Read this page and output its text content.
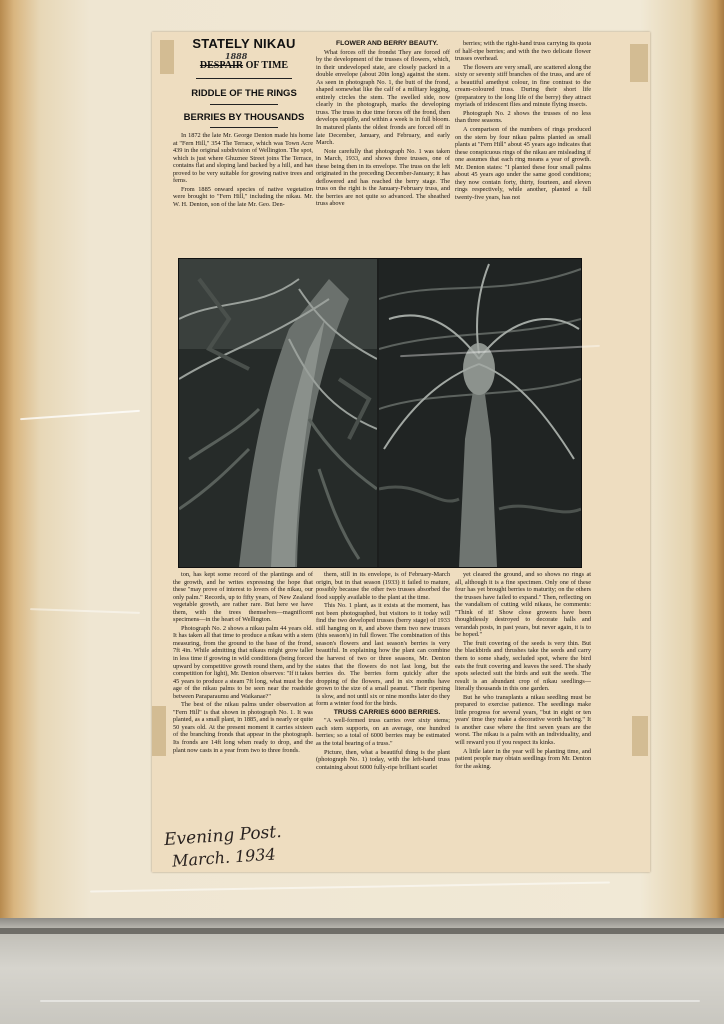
STATELY NIKAU
1888
DESPAIR OF TIME
RIDDLE OF THE RINGS
BERRIES BY THOUSANDS

In 1872 the late Mr. George Denton made his home at "Fern Hill," 354 The Terrace, which was Town Acre 439 in the original subdivision of Wellington. The spot, which is just where Ghuznee Street joins The Terrace, contains flat and sloping land backed by a hill, and has proved to be very suitable for growing native trees and ferns.

From 1885 onward species of native vegetation were brought to "Fern Hill," including the nikau. Mr. W. H. Denton, son of the late Mr. Geo. Den-

FLOWER AND BERRY BEAUTY.

What forces off the frondst They are forced off by the development of the trusses of flowers, which, in their undeveloped state, are closely packed in a double envelope (about 20in long) against the stem. As seen in photograph No. 1, the butt of the frond, shaped somewhat like the calf of a military legging, entirely circles the stem. The swelled side, now clearly in the photograph, marks the developing truss. The truss in due time forces off the frond, then develops rapidly, and within a week is in full bloom. In matured plants the oldest fronds are forced off in late December, January, and February, and early March.

Note carefully that photograph No. 1 was taken in March, 1933, and shows three trusses, one of these being then in its envelope. The truss on the left originated in the preceding December-January; it has deflowered and has reached the berry stage. The truss on the right is the January-February truss, and the berries are not quite so advanced. The sheathed truss above

berries; with the right-hand truss carrying its quota of half-ripe berries; and with the two delicate flower trusses overhead.

The flowers are very small, are scattered along the sixty or seventy stiff branches of the truss, and are of a beautiful amethyst colour, in fine contrast to the cream-coloured truss. During their short life (preparatory to the long life of the berry) they attract myriads of iridescent flies and minute flying insects.

Photograph No. 2 shows the trusses of no less than three seasons.

A comparison of the numbers of rings produced on the stem by four nikau palms planted as small plants at "Fern Hill" about 45 years ago indicates that these conspicuous rings of the nikau are misleading if one assumes that each ring means a year of growth. Mr. Denton states: "I planted these four small palms about 45 years ago under the same good conditions; they now contain forty, thirty, fourteen, and eleven rings respectively, while another, planted a full twenty-five years, has not

ton, has kept some record of the plantings and of the growth, and he writes expressing the hope that these "may prove of interest to lovers of the nikau, our only palm." Records, up to fifty years, of New Zealand vegetable growth, are rather rare. But here we have them, with the trees themselves—magnificent specimens—in the heart of Wellington.

Photograph No. 2 shows a nikau palm 44 years old. It has taken all that time to produce a nikau with a stem measuring, from the ground to the base of the frond, 7ft 4in. While admitting that nikaus might grow taller in less time if growing in wild conditions (being forced upward by competitive growth round them, and by the competition for light), Mr. Denton observes: "If it takes 45 years to produce a steam 7ft long, what must be the age of the nikau palms to be seen near the roadside between Paraparaumu and Waikanae?"

The best of the nikau palms under observation at "Fern Hill" is that shown in photograph No. 1. It was planted, as a small plant, in 1885, and is nearly or quite 50 years old. At the present moment it carries sixteen of the branching fronds that appear in the photograph. Its fronds are 14ft long when ready to drop, and the plant now casts in a year from two to three fronds.

them, still in its envelope, is of February-March origin, but in that season (1933) it failed to mature, possibly because the other two trusses absorbed the food supply available to the plant at the time.

This No. 1 plant, as it exists at the moment, has not been photographed, but visitors to it today will find the two developed trusses (berry stage) of 1933 still hanging on it, and above them two new trusses (this season's) in full flower. The combination of this season's flowers and last season's berries is very beautiful. In explaining how the plant can combine the harvest of two or three seasons, Mr. Denton states that the flowers do not last long, but the berries do. The berries form quickly after the dropping of the flowers, and in six months have grown to the size of a small peanut. "Their ripening is slow, and not until six or nine months later do they form a winter food for the birds.

TRUSS CARRIES 6000 BERRIES.

"A well-formed truss carries over sixty stems; each stem supports, on an average, one hundred berries; so a total of 6000 berries may be estimated as the total bearing of a truss."

Picture, then, what a beautiful thing is the plant (photograph No. 1) today, with the left-hand truss containing about 6000 fully-ripe brilliant scarlet

yet cleared the ground, and so shows no rings at all, although it is a fine specimen. Only one of these four has yet brought berries to maturity; on the others the trusses have failed to expand." Then, reflecting on the vandalism of cutting wild nikaus, he comments: "Think of it! Show close growers have been thoughtlessly destroyed to decorate halls and verandah posts, in past years, but never again, it is to be hoped."

The fruit covering of the seeds is very thin. But the blackbirds and thrushes take the seeds and carry them to some shady, secluded spot, where the bird eats the fruit covering and leaves the seed. The shady spots selected suit the birds and suit the seeds. The result is an abundant crop of nikau seedlings—literally thousands in this one garden.

But he who transplants a nikau seedling must be prepared to exercise patience. The seedlings make little progress for several years, "but in eight or ten years' time they make a decorative worth having." It is another case where the first seven years are the worst. The nikau is a palm with an individuality, and will reward you if you respect its kinks.

A little later in the year will be planting time, and patient people may obtain seedlings from Mr. Denton for the asking.

Evening Post.
March. 1934
